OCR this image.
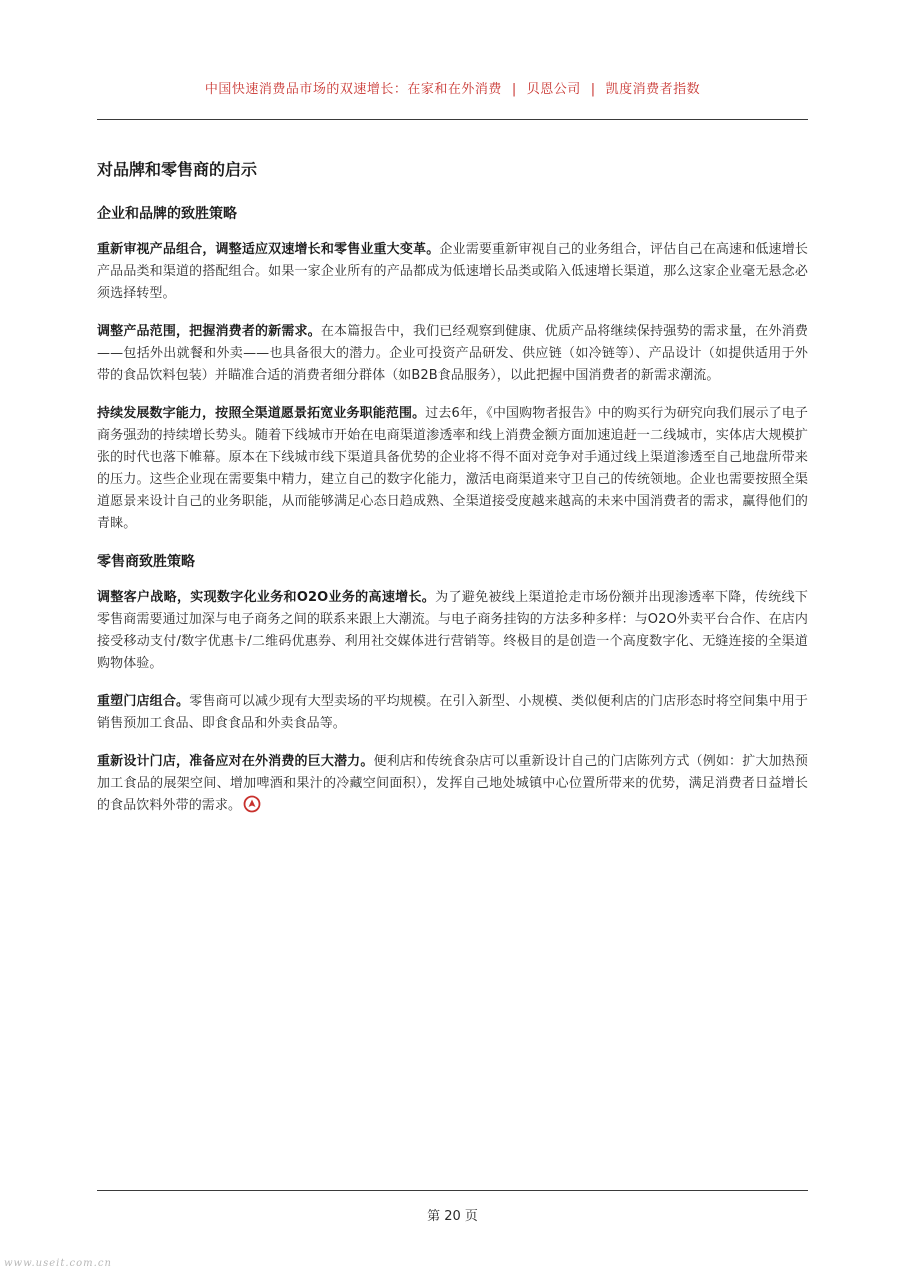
中国快速消费品市场的双速增长：在家和在外消费 | 贝恩公司 | 凯度消费者指数
对品牌和零售商的启示
企业和品牌的致胜策略

重新审视产品组合，调整适应双速增长和零售业重大变革。企业需要重新审视自己的业务组合，评估自己在高速和低速增长产品品类和渠道的搭配组合。如果一家企业所有的产品都成为低速增长品类或陷入低速增长渠道，那么这家企业毫无悬念必须选择转型。

调整产品范围，把握消费者的新需求。在本篇报告中，我们已经观察到健康、优质产品将继续保持强势的需求量，在外消费——包括外出就餐和外卖——也具备很大的潜力。企业可投资产品研发、供应链（如冷链等）、产品设计（如提供适用于外带的食品饮料包装）并瞄准合适的消费者细分群体（如B2B食品服务），以此把握中国消费者的新需求潮流。

持续发展数字能力，按照全渠道愿景拓宽业务职能范围。过去6年，《中国购物者报告》中的购买行为研究向我们展示了电子商务强劲的持续增长势头。随着下线城市开始在电商渠道渗透率和线上消费金额方面加速追赶一二线城市，实体店大规模扩张的时代也落下帷幕。原本在下线城市线下渠道具备优势的企业将不得不面对竞争对手通过线上渠道渗透至自己地盘所带来的压力。这些企业现在需要集中精力，建立自己的数字化能力，激活电商渠道来守卫自己的传统领地。企业也需要按照全渠道愿景来设计自己的业务职能，从而能够满足心态日趋成熟、全渠道接受度越来越高的未来中国消费者的需求，赢得他们的青睐。

零售商致胜策略

调整客户战略，实现数字化业务和O2O业务的高速增长。为了避免被线上渠道抢走市场份额并出现渗透率下降，传统线下零售商需要通过加深与电子商务之间的联系来跟上大潮流。与电子商务挂钩的方法多种多样：与O2O外卖平台合作、在店内接受移动支付/数字优惠卡/二维码优惠券、利用社交媒体进行营销等。终极目的是创造一个高度数字化、无缝连接的全渠道购物体验。

重塑门店组合。零售商可以减少现有大型卖场的平均规模。在引入新型、小规模、类似便利店的门店形态时将空间集中用于销售预加工食品、即食食品和外卖食品等。

重新设计门店，准备应对在外消费的巨大潜力。便利店和传统食杂店可以重新设计自己的门店陈列方式（例如：扩大加热预加工食品的展架空间、增加啤酒和果汁的冷藏空间面积），发挥自己地处城镇中心位置所带来的优势，满足消费者日益增长的食品饮料外带的需求。

第 20 页
www.useit.com.cn
